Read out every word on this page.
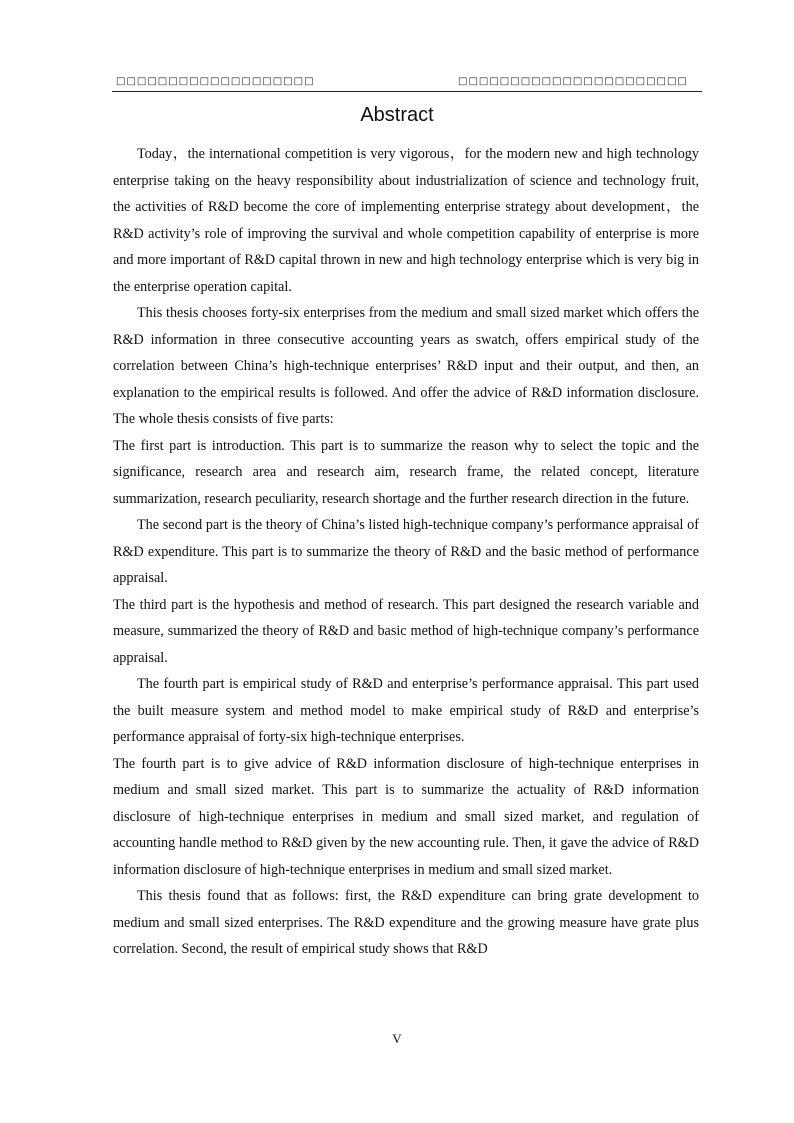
□□□□□□□□□□□□□□□□□□□	□□□□□□□□□□□□□□□□□□□□□□
Abstract

Today，the international competition is very vigorous，for the modern new and high technology enterprise taking on the heavy responsibility about industrialization of science and technology fruit, the activities of R&D become the core of implementing enterprise strategy about development，the R&D activity’s role of improving the survival and whole competition capability of enterprise is more and more important of R&D capital thrown in new and high technology enterprise which is very big in the enterprise operation capital.

This thesis chooses forty-six enterprises from the medium and small sized market which offers the R&D information in three consecutive accounting years as swatch, offers empirical study of the correlation between China’s high-technique enterprises’ R&D input and their output, and then, an explanation to the empirical results is followed. And offer the advice of R&D information disclosure. The whole thesis consists of five parts:

The first part is introduction. This part is to summarize the reason why to select the topic and the significance, research area and research aim, research frame, the related concept, literature summarization, research peculiarity, research shortage and the further research direction in the future.

The second part is the theory of China’s listed high-technique company’s performance appraisal of R&D expenditure. This part is to summarize the theory of R&D and the basic method of performance appraisal.

The third part is the hypothesis and method of research. This part designed the research variable and measure, summarized the theory of R&D and basic method of high-technique company’s performance appraisal.

The fourth part is empirical study of R&D and enterprise’s performance appraisal. This part used the built measure system and method model to make empirical study of R&D and enterprise’s performance appraisal of forty-six high-technique enterprises.

The fourth part is to give advice of R&D information disclosure of high-technique enterprises in medium and small sized market. This part is to summarize the actuality of R&D information disclosure of high-technique enterprises in medium and small sized market, and regulation of accounting handle method to R&D given by the new accounting rule. Then, it gave the advice of R&D information disclosure of high-technique enterprises in medium and small sized market.

This thesis found that as follows: first, the R&D expenditure can bring grate development to medium and small sized enterprises. The R&D expenditure and the growing measure have grate plus correlation. Second, the result of empirical study shows that R&D

V
